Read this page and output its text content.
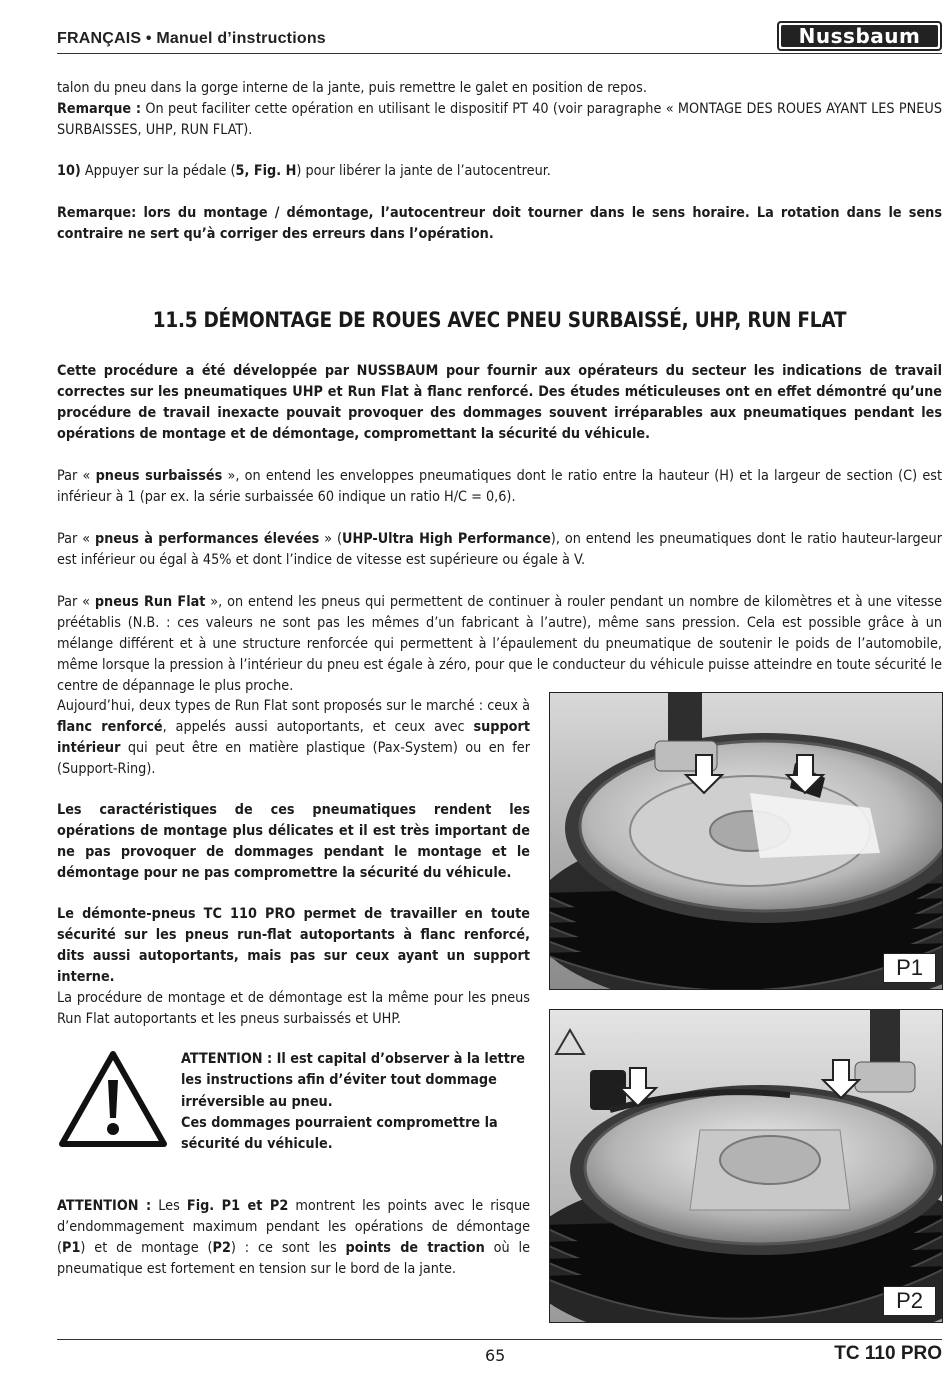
FRANÇAIS • Manuel d’instructions	Nussbaum
talon du pneu dans la gorge interne de la jante, puis remettre le galet en position de repos.
Remarque : On peut faciliter cette opération en utilisant le dispositif PT 40 (voir paragraphe « MONTAGE DES ROUES AYANT LES PNEUS SURBAISSES, UHP, RUN FLAT).
10) Appuyer sur la pédale (5, Fig. H) pour libérer la jante de l’autocentreur.
Remarque: lors du montage / démontage, l’autocentreur doit tourner dans le sens horaire. La rotation dans le sens contraire ne sert qu’à corriger des erreurs dans l’opération.
11.5 DÉMONTAGE DE ROUES AVEC PNEU SURBAISSÉ, UHP, RUN FLAT
Cette procédure a été développée par NUSSBAUM pour fournir aux opérateurs du secteur les indications de travail correctes sur les pneumatiques UHP et Run Flat à flanc renforcé. Des études méticuleuses ont en effet démontré qu’une procédure de travail inexacte pouvait provoquer des dommages souvent irréparables aux pneumatiques pendant les opérations de montage et de démontage, compromettant la sécurité du véhicule.
Par « pneus surbaissés », on entend les enveloppes pneumatiques dont le ratio entre la hauteur (H) et la largeur de section (C) est inférieur à 1 (par ex. la série surbaissée 60 indique un ratio H/C = 0,6).
Par « pneus à performances élevées » (UHP-Ultra High Performance), on entend les pneumatiques dont le ratio hauteur-largeur est inférieur ou égal à 45% et dont l’indice de vitesse est supérieure ou égale à V.
Par « pneus Run Flat », on entend les pneus qui permettent de continuer à rouler pendant un nombre de kilomètres et à une vitesse préétablis (N.B. : ces valeurs ne sont pas les mêmes d’un fabricant à l’autre), même sans pression. Cela est possible grâce à un mélange différent et à une structure renforcée qui permettent à l’épaulement du pneumatique de soutenir le poids de l’automobile, même lorsque la pression à l’intérieur du pneu est égale à zéro, pour que le conducteur du véhicule puisse atteindre en toute sécurité le centre de dépannage le plus proche.
Aujourd’hui, deux types de Run Flat sont proposés sur le marché : ceux à flanc renforcé, appelés aussi autoportants, et ceux avec support intérieur qui peut être en matière plastique (Pax-System) ou en fer (Support-Ring).
Les caractéristiques de ces pneumatiques rendent les opérations de montage plus délicates et il est très important de ne pas provoquer de dommages pendant le montage et le démontage pour ne pas compromettre la sécurité du véhicule.
Le démonte-pneus TC 110 PRO permet de travailler en toute sécurité sur les pneus run-flat autoportants à flanc renforcé, dits aussi autoportants, mais pas sur ceux ayant un support interne.
La procédure de montage et de démontage est la même pour les pneus Run Flat autoportants et les pneus surbaissés et UHP.
ATTENTION : Il est capital d’observer à la lettre les instructions afin d’éviter tout dommage irréversible au pneu.
Ces dommages pourraient compromettre la sécurité du véhicule.
ATTENTION : Les Fig. P1 et P2 montrent les points avec le risque d’endommagement maximum pendant les opérations de démontage (P1) et de montage (P2) : ce sont les points de traction où le pneumatique est fortement en tension sur le bord de la jante.
P1
P2
65	TC 110 PRO
